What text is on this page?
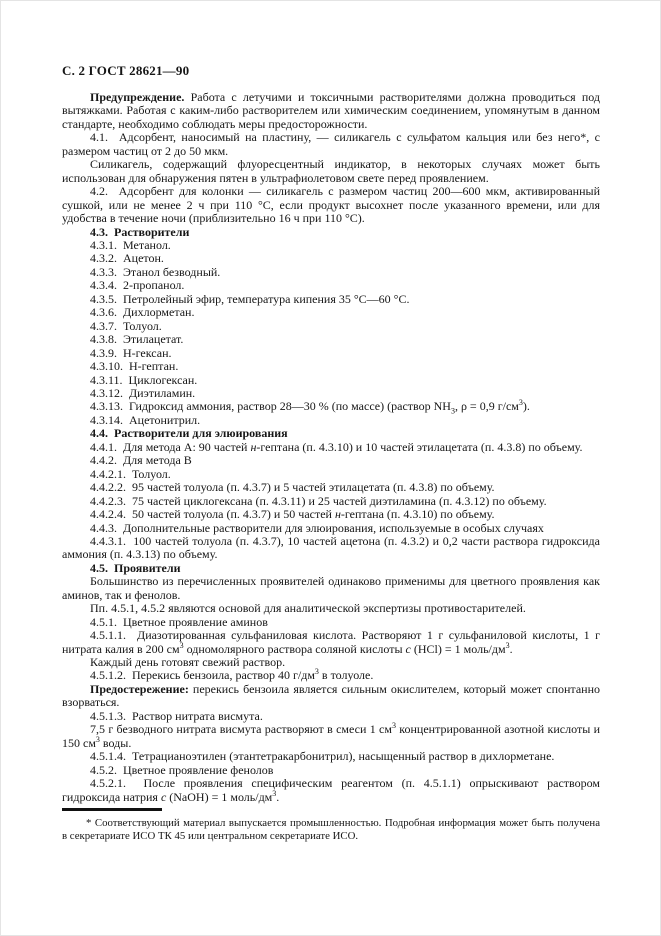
С. 2 ГОСТ 28621—90

Предупреждение. Работа с летучими и токсичными растворителями должна проводиться под вытяжками. Работая с каким-либо растворителем или химическим соединением, упомянутым в данном стандарте, необходимо соблюдать меры предосторожности.

4.1.  Адсорбент, наносимый на пластину, — силикагель с сульфатом кальция или без него*, с размером частиц от 2 до 50 мкм.

Силикагель, содержащий флуоресцентный индикатор, в некоторых случаях может быть использован для обнаружения пятен в ультрафиолетовом свете перед проявлением.

4.2.  Адсорбент для колонки — силикагель с размером частиц 200—600 мкм, активированный сушкой, или не менее 2 ч при 110 °С, если продукт высохнет после указанного времени, или для удобства в течение ночи (приблизительно 16 ч при 110 °С).

4.3.  Растворители

4.3.1.  Метанол.

4.3.2.  Ацетон.

4.3.3.  Этанол безводный.

4.3.4.  2-пропанол.

4.3.5.  Петролейный эфир, температура кипения 35 °С—60 °С.

4.3.6.  Дихлорметан.

4.3.7.  Толуол.

4.3.8.  Этилацетат.

4.3.9.  Н-гексан.

4.3.10.  Н-гептан.

4.3.11.  Циклогексан.

4.3.12.  Диэтиламин.

4.3.13.  Гидроксид аммония, раствор 28—30 % (по массе) (раствор $NH_3$, ρ = 0,9 $г/см^3$).

4.3.14.  Ацетонитрил.

4.4.  Растворители для элюирования

4.4.1.  Для метода А: 90 частей н-гептана (п. 4.3.10) и 10 частей этилацетата (п. 4.3.8) по объему.

4.4.2.  Для метода В

4.4.2.1.  Толуол.

4.4.2.2.  95 частей толуола (п. 4.3.7) и 5 частей этилацетата (п. 4.3.8) по объему.

4.4.2.3.  75 частей циклогексана (п. 4.3.11) и 25 частей диэтиламина (п. 4.3.12) по объему.

4.4.2.4.  50 частей толуола (п. 4.3.7) и 50 частей н-гептана (п. 4.3.10) по объему.

4.4.3.  Дополнительные растворители для элюирования, используемые в особых случаях

4.4.3.1.  100 частей толуола (п. 4.3.7), 10 частей ацетона (п. 4.3.2) и 0,2 части раствора гидроксида аммония (п. 4.3.13) по объему.

4.5.  Проявители

Большинство из перечисленных проявителей одинаково применимы для цветного проявления как аминов, так и фенолов.

Пп. 4.5.1, 4.5.2 являются основой для аналитической экспертизы противостарителей.

4.5.1.  Цветное проявление аминов

4.5.1.1.  Диазотированная сульфаниловая кислота. Растворяют 1 г сульфаниловой кислоты, 1 г нитрата калия в 200 $см^3$ одномолярного раствора соляной кислоты с (HCl) = 1 моль/$дм^3$.

Каждый день готовят свежий раствор.

4.5.1.2.  Перекись бензоила, раствор 40 $г/дм^3$ в толуоле.

Предостережение: перекись бензоила является сильным окислителем, который может спонтанно взорваться.

4.5.1.3.  Раствор нитрата висмута.

7,5 г безводного нитрата висмута растворяют в смеси 1 $см^3$ концентрированной азотной кислоты и 150 $см^3$ воды.

4.5.1.4.  Тетрацианоэтилен (этантетракарбонитрил), насыщенный раствор в дихлорметане.

4.5.2.  Цветное проявление фенолов

4.5.2.1.  После проявления специфическим реагентом (п. 4.5.1.1) опрыскивают раствором гидроксида натрия с (NaOH) = 1 моль/$дм^3$.

* Соответствующий материал выпускается промышленностью. Подробная информация может быть получена в секретариате ИСО ТК 45 или центральном секретариате ИСО.
